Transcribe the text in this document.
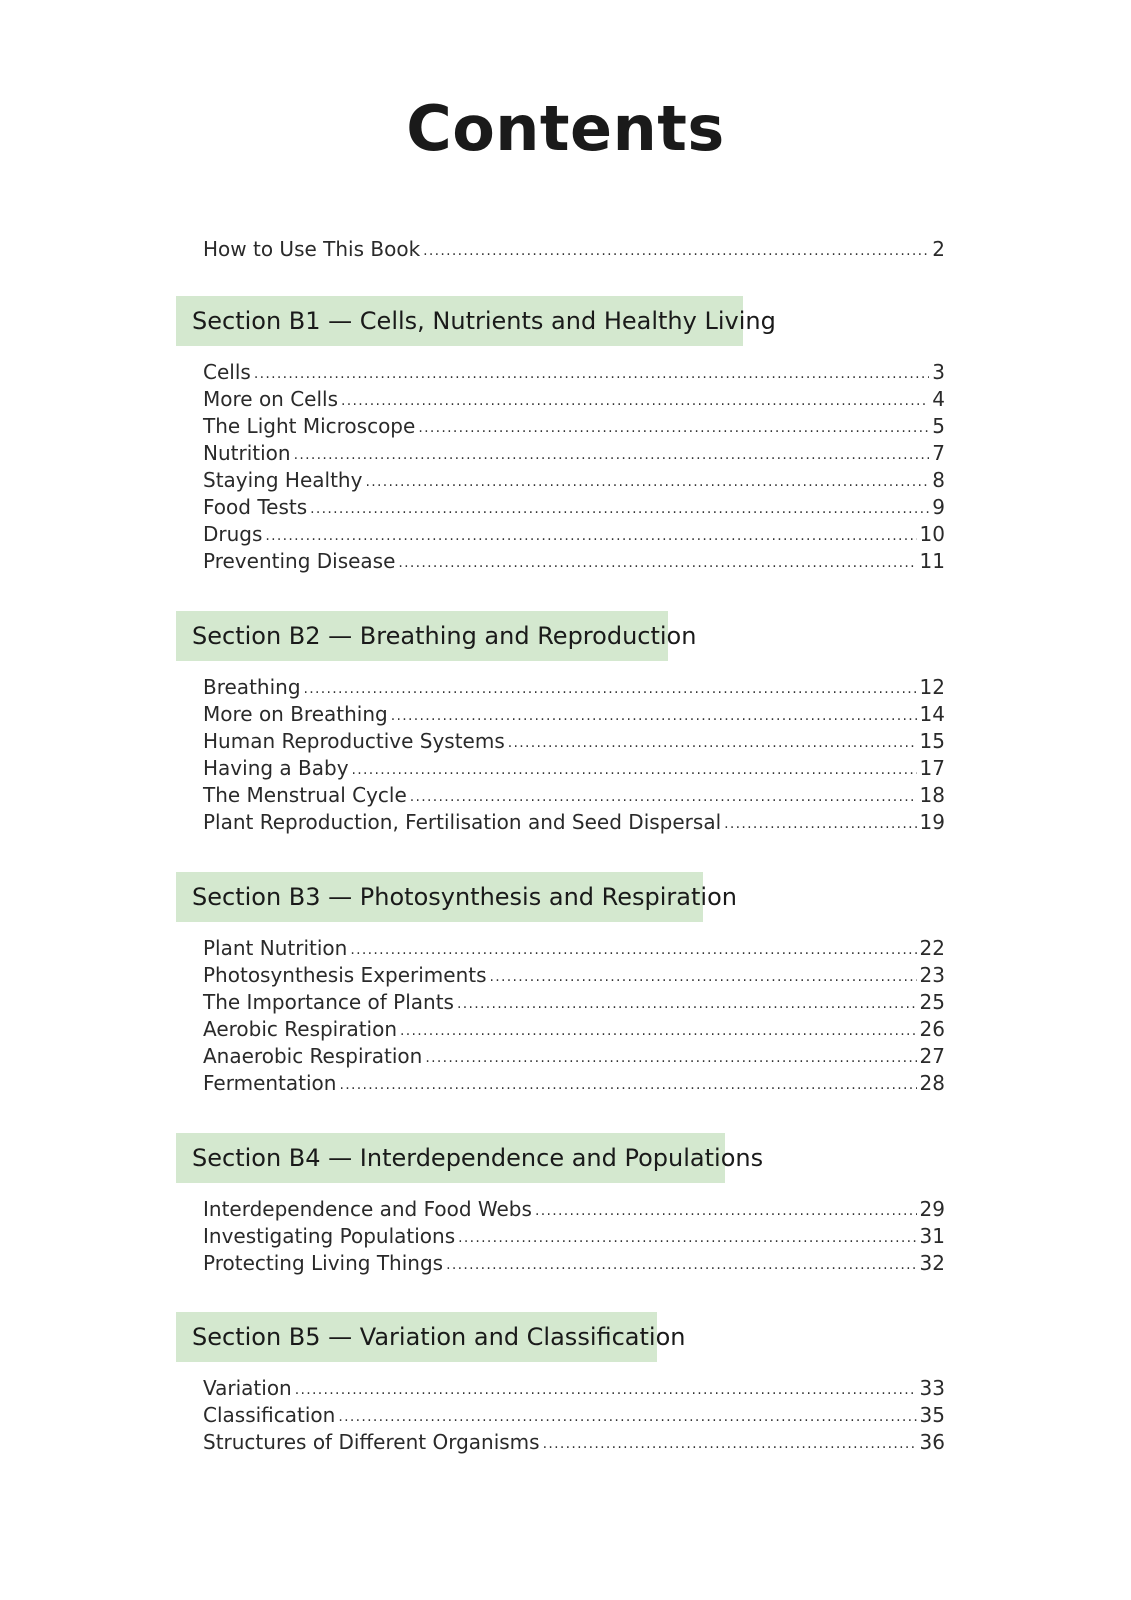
Contents
How to Use This Book .....	2
Section B1 — Cells, Nutrients and Healthy Living
Cells .....	3
More on Cells .....	4
The Light Microscope .....	5
Nutrition .....	7
Staying Healthy .....	8
Food Tests .....	9
Drugs .....	10
Preventing Disease .....	11
Section B2 — Breathing and Reproduction
Breathing .....	12
More on Breathing .....	14
Human Reproductive Systems .....	15
Having a Baby .....	17
The Menstrual Cycle .....	18
Plant Reproduction, Fertilisation and Seed Dispersal .....	19
Section B3 — Photosynthesis and Respiration
Plant Nutrition .....	22
Photosynthesis Experiments .....	23
The Importance of Plants .....	25
Aerobic Respiration .....	26
Anaerobic Respiration .....	27
Fermentation .....	28
Section B4 — Interdependence and Populations
Interdependence and Food Webs .....	29
Investigating Populations .....	31
Protecting Living Things .....	32
Section B5 — Variation and Classification
Variation .....	33
Classification .....	35
Structures of Different Organisms .....	36
